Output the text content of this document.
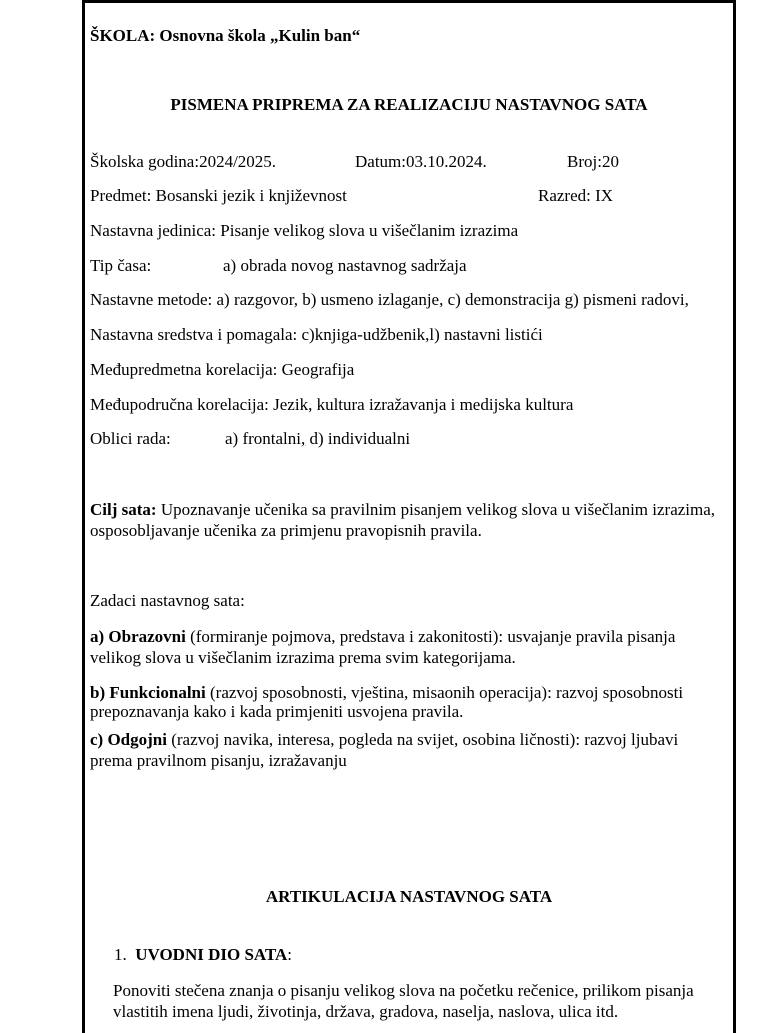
ŠKOLA: Osnovna škola „Kulin ban“
PISMENA PRIPREMA ZA REALIZACIJU NASTAVNOG SATA
Školska godina:2024/2025.	Datum:03.10.2024.	Broj:20
Predmet: Bosanski jezik i književnost	Razred: IX
Nastavna jedinica: Pisanje velikog slova u višečlanim izrazima
Tip časa:	a) obrada novog nastavnog sadržaja
Nastavne metode: a) razgovor, b) usmeno izlaganje, c) demonstracija g) pismeni radovi,
Nastavna sredstva i pomagala: c)knjiga-udžbenik,l) nastavni listići
Međupredmetna korelacija: Geografija
Međupodručna korelacija: Jezik, kultura izražavanja i medijska kultura
Oblici rada:	a) frontalni, d) individualni
Cilj sata: Upoznavanje učenika sa pravilnim pisanjem velikog slova u višečlanim izrazima, osposobljavanje učenika za primjenu pravopisnih pravila.
Zadaci nastavnog sata:
a) Obrazovni (formiranje pojmova, predstava i zakonitosti): usvajanje pravila pisanja velikog slova u višečlanim izrazima prema svim kategorijama.
b) Funkcionalni (razvoj sposobnosti, vještina, misaonih operacija): razvoj sposobnosti prepoznavanja kako i kada primjeniti usvojena pravila.
c) Odgojni (razvoj navika, interesa, pogleda na svijet, osobina ličnosti): razvoj ljubavi prema pravilnom pisanju, izražavanju
ARTIKULACIJA NASTAVNOG SATA
1. UVODNI DIO SATA:
Ponoviti stečena znanja o pisanju velikog slova na početku rečenice, prilikom pisanja vlastitih imena ljudi, životinja, država, gradova, naselja, naslova, ulica itd.
